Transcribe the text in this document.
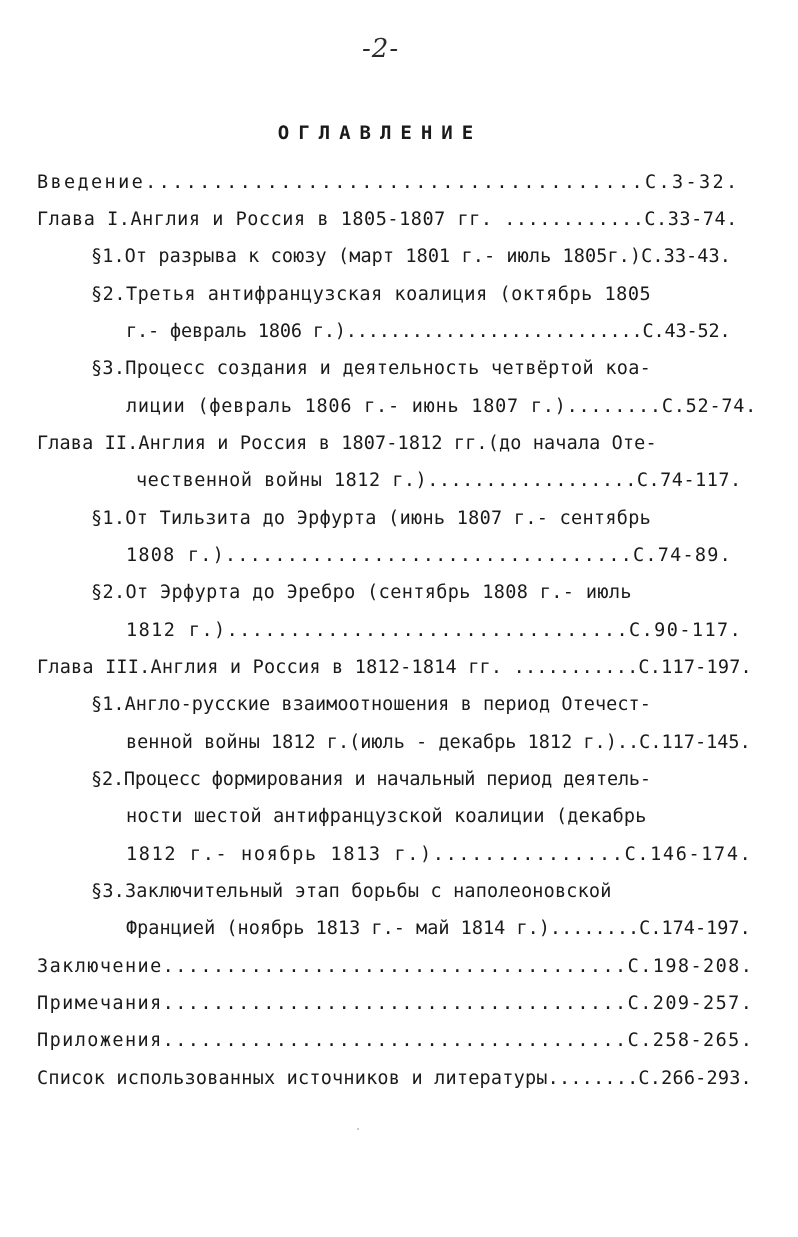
-2-
ОГЛАВЛЕНИЕ
Введение.....................................С.3-32.
Глава I.Англия и Россия в 1805-1807 гг. ............С.33-74.
§1.От разрыва к союзу (март 1801 г.- июль 1805г.)С.33-43.
§2.Третья антифранцузская коалиция (октябрь 1805
г.- февраль 1806 г.)...........................С.43-52.
§3.Процесс создания и деятельность четвёртой коа-
лиции (февраль 1806 г.- июнь 1807 г.)........С.52-74.
Глава II.Англия и Россия в 1807-1812 гг.(до начала Оте-
чественной войны 1812 г.)..................С.74-117.
§1.От Тильзита до Эрфурта (июнь 1807 г.- сентябрь
1808 г.).................................С.74-89.
§2.От Эрфурта до Эребро (сентябрь 1808 г.- июль
1812 г.)................................С.90-117.
Глава III.Англия и Россия в 1812-1814 гг. ...........С.117-197.
§1.Англо-русские взаимоотношения в период Отечест-
венной войны 1812 г.(июль - декабрь 1812 г.)..С.117-145.
§2.Процесс формирования и начальный период деятель-
ности шестой антифранцузской коалиции (декабрь
1812 г.- ноябрь 1813 г.)...............С.146-174.
§3.Заключительный этап борьбы с наполеоновской
Францией (ноябрь 1813 г.- май 1814 г.)........С.174-197.
Заключение.....................................С.198-208.
Примечания.....................................С.209-257.
Приложения.....................................С.258-265.
Список использованных источников и литературы........С.266-293.
